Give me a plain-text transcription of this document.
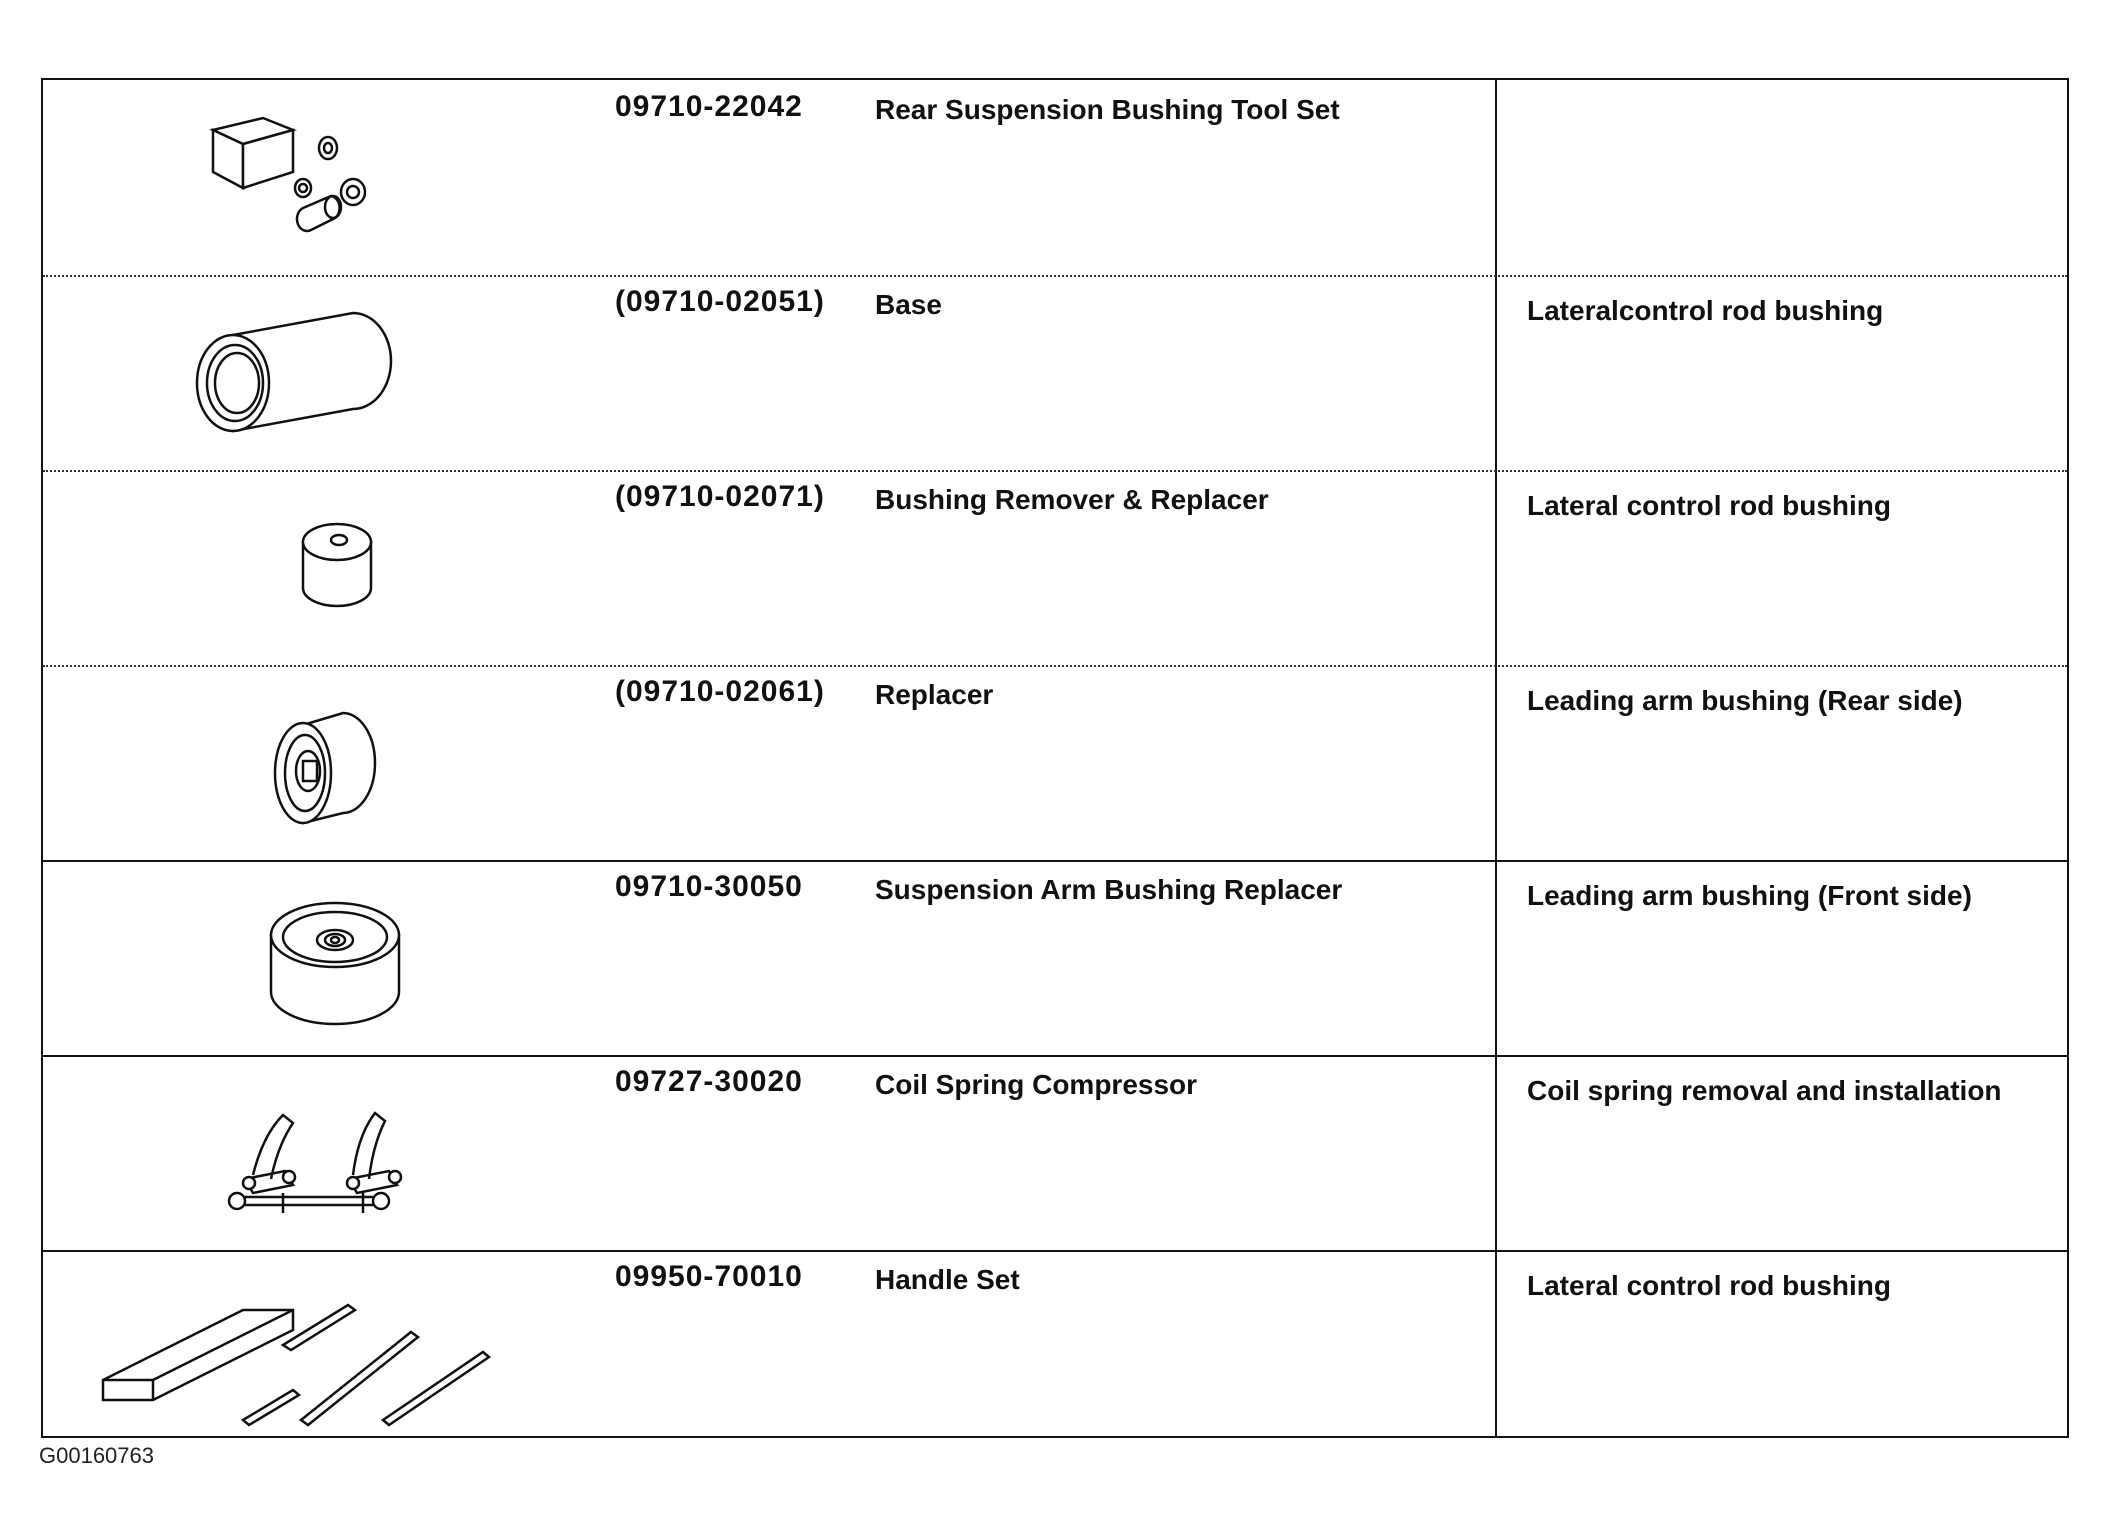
09710-22042	Rear Suspension Bushing Tool Set
(09710-02051) Base	Lateralcontrol rod bushing
(09710-02071) Bushing Remover & Replacer	Lateral control rod bushing
(09710-02061) Replacer	Leading arm bushing (Rear side)
09710-30050	Suspension Arm Bushing Replacer	Leading arm bushing (Front side)
09727-30020	Coil Spring Compressor	Coil spring removal and installation
09950-70010	Handle Set	Lateral control rod bushing
G00160763
